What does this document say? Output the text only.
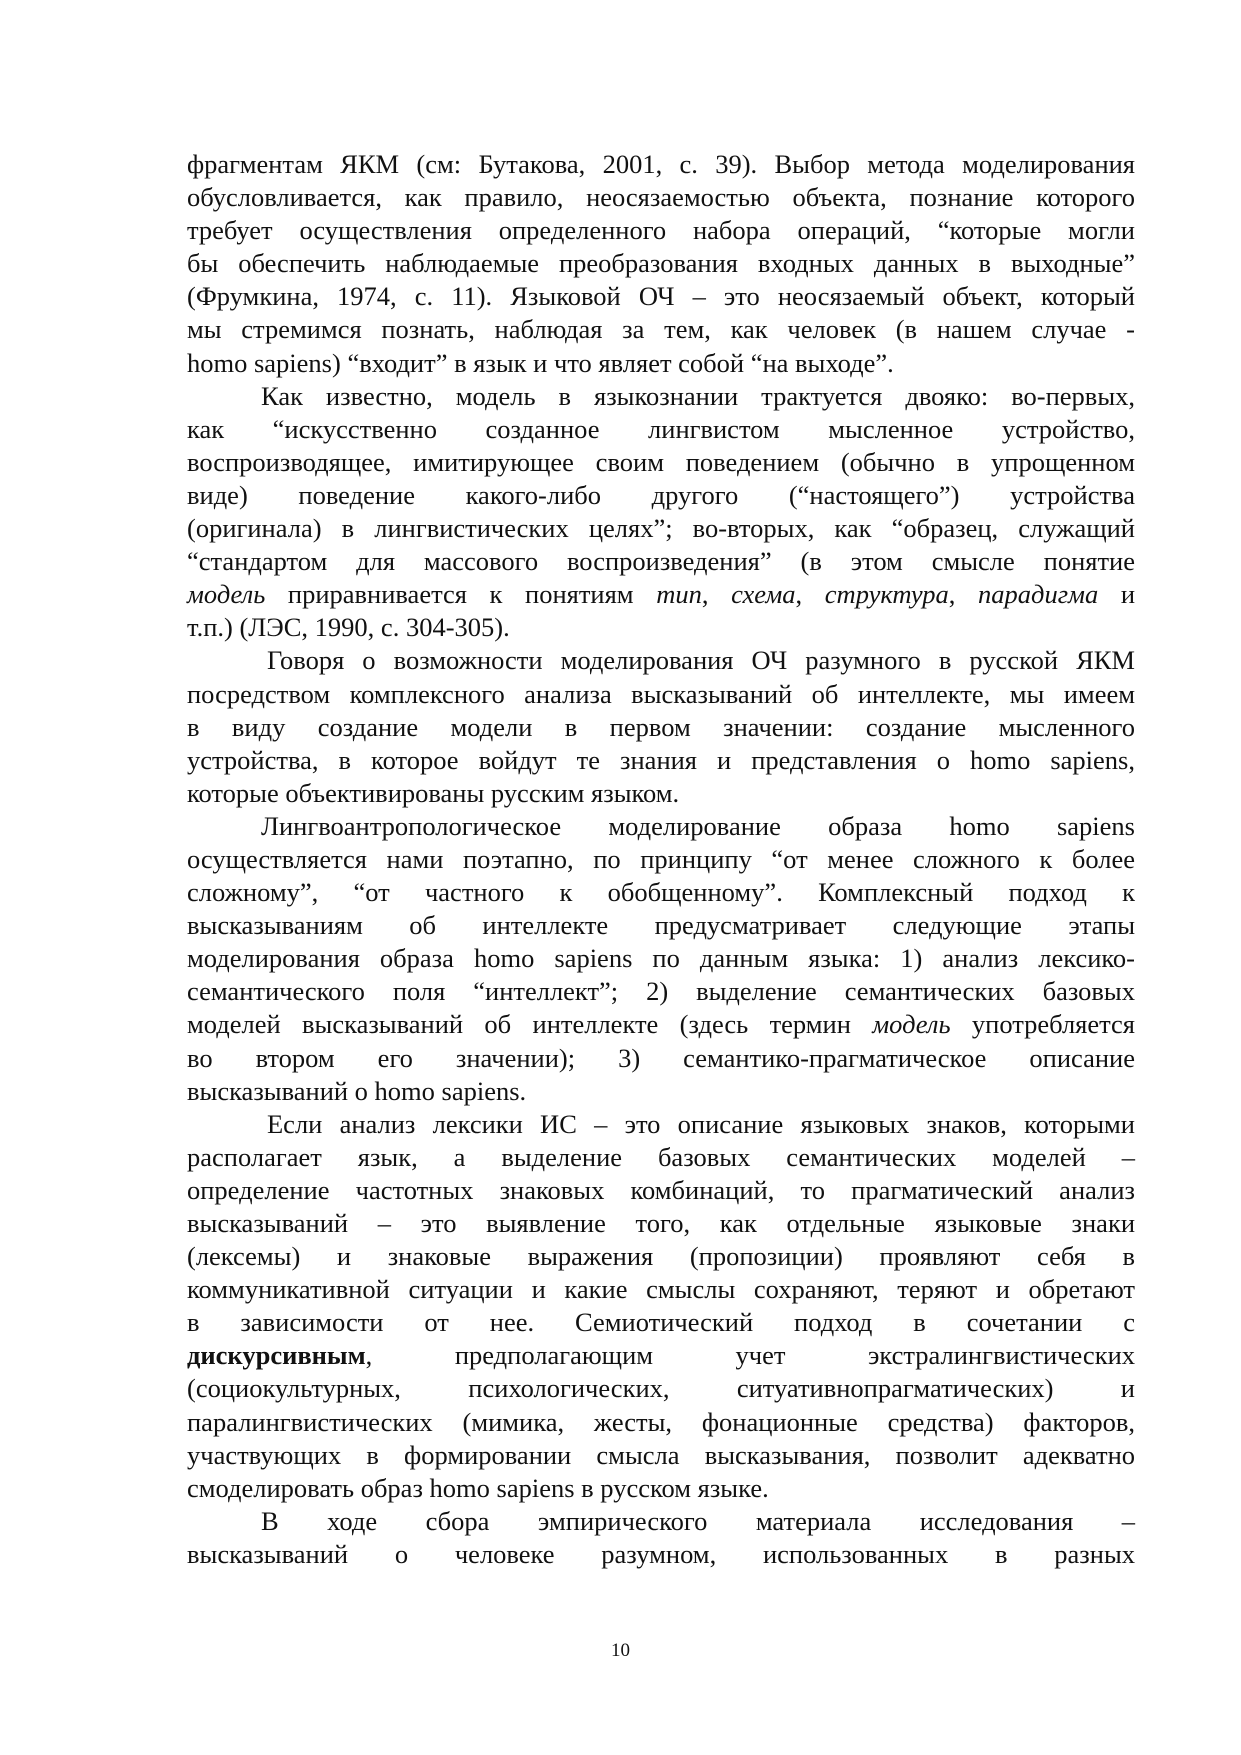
фрагментам ЯКМ (см: Бутакова, 2001, с. 39). Выбор метода моделирования
обусловливается, как правило, неосязаемостью объекта, познание которого
требует осуществления определенного набора операций, “которые могли
бы обеспечить наблюдаемые преобразования входных данных в выходные”
(Фрумкина, 1974, с. 11). Языковой ОЧ – это неосязаемый объект, который
мы стремимся познать, наблюдая за тем, как человек (в нашем случае -
homo sapiens) “входит” в язык и что являет собой “на выходе”.
Как известно, модель в языкознании трактуется двояко: во-первых,
как “искусственно созданное лингвистом мысленное устройство,
воспроизводящее, имитирующее своим поведением (обычно в упрощенном
виде) поведение какого-либо другого (“настоящего”) устройства
(оригинала) в лингвистических целях”; во-вторых, как “образец, служащий
“стандартом для массового воспроизведения” (в этом смысле понятие
модель приравнивается к понятиям тип, схема, структура, парадигма и
т.п.) (ЛЭС, 1990, с. 304-305).
Говоря о возможности моделирования ОЧ разумного в русской ЯКМ
посредством комплексного анализа высказываний об интеллекте, мы имеем
в виду создание модели в первом значении: создание мысленного
устройства, в которое войдут те знания и представления о homo sapiens,
которые объективированы русским языком.
Лингвоантропологическое моделирование образа homo sapiens
осуществляется нами поэтапно, по принципу “от менее сложного к более
сложному”, “от частного к обобщенному”. Комплексный подход к
высказываниям об интеллекте предусматривает следующие этапы
моделирования образа homo sapiens по данным языка: 1) анализ лексико-
семантического поля “интеллект”; 2) выделение семантических базовых
моделей высказываний об интеллекте (здесь термин модель употребляется
во втором его значении); 3) семантико-прагматическое описание
высказываний о homo sapiens.
Если анализ лексики ИС – это описание языковых знаков, которыми
располагает язык, а выделение базовых семантических моделей –
определение частотных знаковых комбинаций, то прагматический анализ
высказываний – это выявление того, как отдельные языковые знаки
(лексемы) и знаковые выражения (пропозиции) проявляют себя в
коммуникативной ситуации и какие смыслы сохраняют, теряют и обретают
в зависимости от нее. Семиотический подход в сочетании с
дискурсивным, предполагающим учет экстралингвистических
(социокультурных, психологических, ситуативнопрагматических) и
паралингвистических (мимика, жесты, фонационные средства) факторов,
участвующих в формировании смысла высказывания, позволит адекватно
смоделировать образ homo sapiens в русском языке.
В ходе сбора эмпирического материала исследования –
высказываний о человеке разумном, использованных в разных
10
